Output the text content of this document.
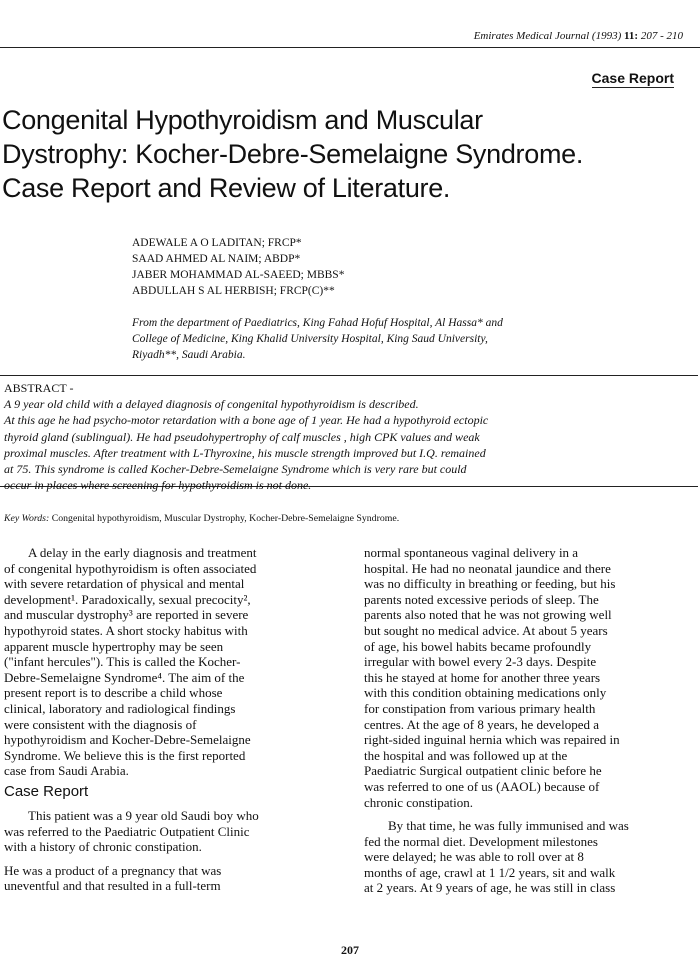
Emirates Medical Journal (1993) 11: 207 - 210
Case Report
Congenital Hypothyroidism and Muscular
Dystrophy: Kocher-Debre-Semelaigne Syndrome.
Case Report and Review of Literature.
ADEWALE A O LADITAN; FRCP*
SAAD AHMED AL NAIM; ABDP*
JABER MOHAMMAD AL-SAEED; MBBS*
ABDULLAH S AL HERBISH; FRCP(C)**
From the department of Paediatrics, King Fahad Hofuf Hospital, Al Hassa* and
College of Medicine, King Khalid University Hospital, King Saud University,
Riyadh**, Saudi Arabia.
ABSTRACT -
A 9 year old child with a delayed diagnosis of congenital hypothyroidism is described.
At this age he had psycho-motor retardation with a bone age of 1 year. He had a hypothyroid ectopic
thyroid gland (sublingual). He had pseudohypertrophy of calf muscles , high CPK values and weak
proximal muscles. After treatment with L-Thyroxine, his muscle strength improved but I.Q. remained
at 75. This syndrome is called Kocher-Debre-Semelaigne Syndrome which is very rare but could
occur in places where screening for hypothyroidism is not done.
Key Words: Congenital hypothyroidism, Muscular Dystrophy, Kocher-Debre-Semelaigne Syndrome.
A delay in the early diagnosis and treatment
of congenital hypothyroidism is often associated
with severe retardation of physical and mental
development¹. Paradoxically, sexual precocity²,
and muscular dystrophy³ are reported in severe
hypothyroid states. A short stocky habitus with
apparent muscle hypertrophy may be seen
("infant hercules"). This is called the Kocher-
Debre-Semelaigne Syndrome⁴. The aim of the
present report is to describe a child whose
clinical, laboratory and radiological findings
were consistent with the diagnosis of
hypothyroidism and Kocher-Debre-Semelaigne
Syndrome. We believe this is the first reported
case from Saudi Arabia.
Case Report
This patient was a 9 year old Saudi boy who
was referred to the Paediatric Outpatient Clinic
with a history of chronic constipation.
He was a product of a pregnancy that was
uneventful and that resulted in a full-term
normal spontaneous vaginal delivery in a
hospital. He had no neonatal jaundice and there
was no difficulty in breathing or feeding, but his
parents noted excessive periods of sleep. The
parents also noted that he was not growing well
but sought no medical advice. At about 5 years
of age, his bowel habits became profoundly
irregular with bowel every 2-3 days. Despite
this he stayed at home for another three years
with this condition obtaining medications only
for constipation from various primary health
centres. At the age of 8 years, he developed a
right-sided inguinal hernia which was repaired in
the hospital and was followed up at the
Paediatric Surgical outpatient clinic before he
was referred to one of us (AAOL) because of
chronic constipation.
By that time, he was fully immunised and was
fed the normal diet. Development milestones
were delayed; he was able to roll over at 8
months of age, crawl at 1 1/2 years, sit and walk
at 2 years. At 9 years of age, he was still in class
207
